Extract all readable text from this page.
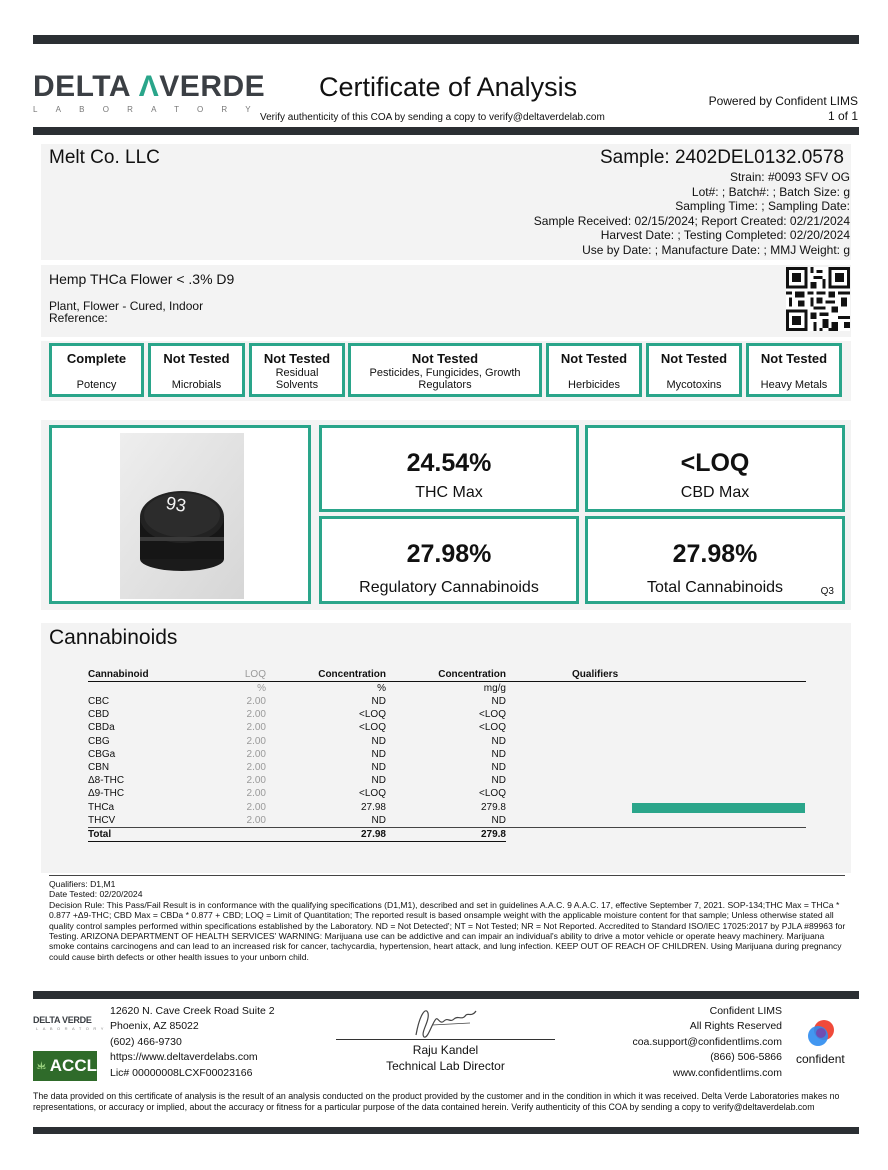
DELTA ΛVERDE
LABORATORY
Certificate of Analysis
Verify authenticity of this COA by sending a copy to verify@deltaverdelab.com
Powered by Confident LIMS
1 of 1
Melt Co. LLC	Sample: 2402DEL0132.0578
Strain: #0093 SFV OG
Lot#: ; Batch#: ; Batch Size: g
Sampling Time: ; Sampling Date:
Sample Received: 02/15/2024; Report Created: 02/21/2024
Harvest Date: ; Testing Completed: 02/20/2024
Use by Date: ; Manufacture Date: ; MMJ Weight: g
Hemp THCa Flower < .3% D9
Plant, Flower - Cured, Indoor
Reference:
Complete
Potency
Not Tested
Microbials
Not Tested
Residual Solvents
Not Tested
Pesticides, Fungicides, Growth Regulators
Not Tested
Herbicides
Not Tested
Mycotoxins
Not Tested
Heavy Metals
93
24.54%
THC Max
<LOQ
CBD Max
27.98%
Regulatory Cannabinoids
27.98%
Total Cannabinoids	Q3
Cannabinoids
Cannabinoid	LOQ	Concentration	Concentration	Qualifiers
	%	%	mg/g	
CBC	2.00	ND	ND	
CBD	2.00	<LOQ	<LOQ	
CBDa	2.00	<LOQ	<LOQ	
CBG	2.00	ND	ND	
CBGa	2.00	ND	ND	
CBN	2.00	ND	ND	
Δ8-THC	2.00	ND	ND	
Δ9-THC	2.00	<LOQ	<LOQ	
THCa	2.00	27.98	279.8	

THCV	2.00	ND	ND	
Total		27.98	279.8	
Qualifiers: D1,M1
Date Tested: 02/20/2024
Decision Rule: This Pass/Fail Result is in conformance with the qualifying specifications (D1,M1), described and set in guidelines A.A.C. 9 A.A.C. 17, effective September 7, 2021. SOP-134;THC Max = THCa * 0.877 +Δ9-THC; CBD Max = CBDa * 0.877 + CBD; LOQ = Limit of Quantitation; The reported result is based onsample weight with the applicable moisture content for that sample; Unless otherwise stated all quality control samples performed within specifications established by the Laboratory. ND = Not Detected'; NT = Not Tested; NR = Not Reported. Accredited to Standard ISO/IEC 17025:2017 by PJLA #89963 for Testing. ARIZONA DEPARTMENT OF HEALTH SERVICES' WARNING: Marijuana use can be addictive and can impair an individual's ability to drive a motor vehicle or operate heavy machinery. Marijuana smoke contains carcinogens and can lead to an increased risk for cancer, tachycardia, hypertension, heart attack, and lung infection. KEEP OUT OF REACH OF CHILDREN. Using Marijuana during pregnancy could cause birth defects or other health issues to your unborn child.
DELTA VERDE
LABORATORY
ACCL
12620 N. Cave Creek Road Suite 2
Phoenix, AZ 85022
(602) 466-9730
https://www.deltaverdelabs.com
Lic# 00000008LCXF00023166
Raju Kandel
Technical Lab Director
Confident LIMS
All Rights Reserved
coa.support@confidentlims.com
(866) 506-5866
www.confidentlims.com
confident
The data provided on this certificate of analysis is the result of an analysis conducted on the product provided by the customer and in the condition in which it was received. Delta Verde Laboratories makes no representations, or accuracy or implied, about the accuracy or fitness for a particular purpose of the data contained herein. Verify authenticity of this COA by sending a copy to verify@deltaverdelab.com
